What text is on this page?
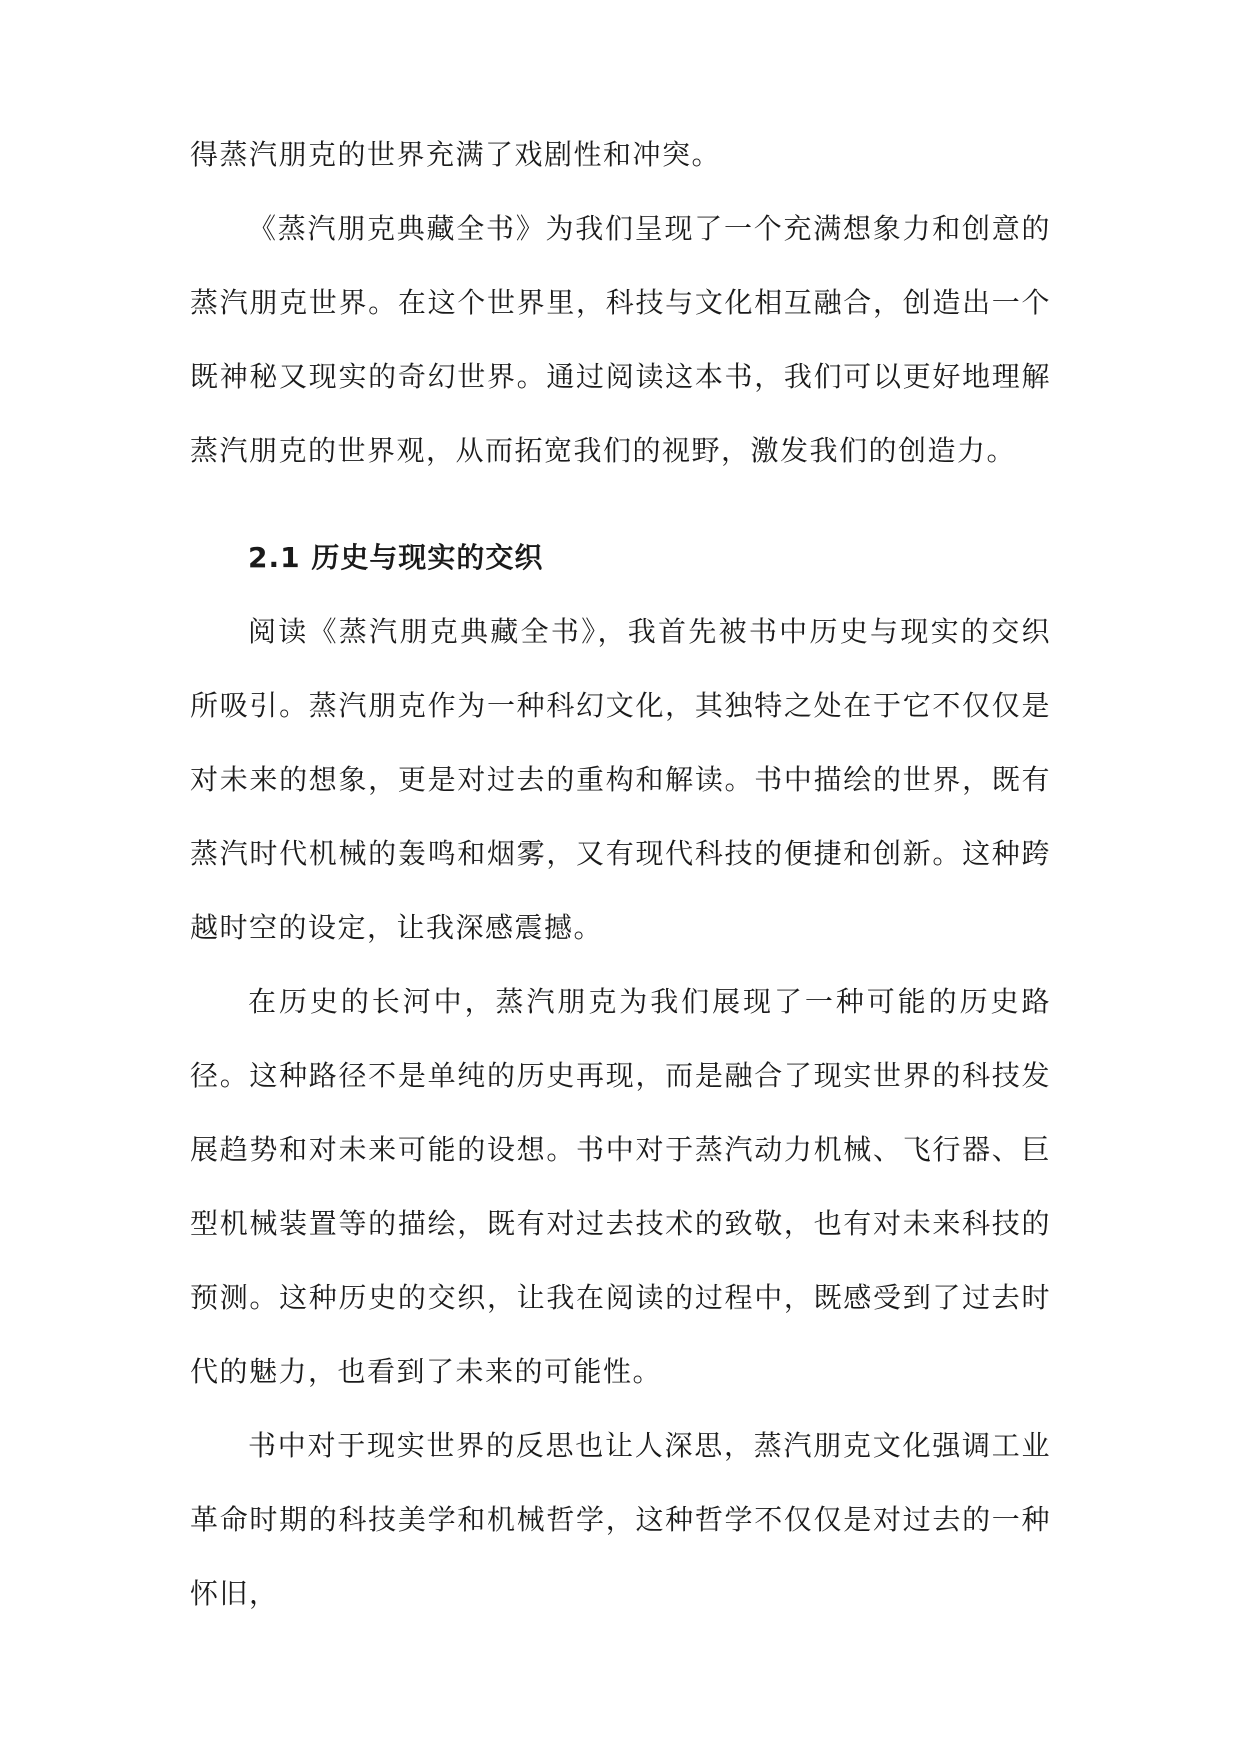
得蒸汽朋克的世界充满了戏剧性和冲突。

《蒸汽朋克典藏全书》为我们呈现了一个充满想象力和创意的蒸汽朋克世界。在这个世界里，科技与文化相互融合，创造出一个既神秘又现实的奇幻世界。通过阅读这本书，我们可以更好地理解蒸汽朋克的世界观，从而拓宽我们的视野，激发我们的创造力。

2.1 历史与现实的交织

阅读《蒸汽朋克典藏全书》，我首先被书中历史与现实的交织所吸引。蒸汽朋克作为一种科幻文化，其独特之处在于它不仅仅是对未来的想象，更是对过去的重构和解读。书中描绘的世界，既有蒸汽时代机械的轰鸣和烟雾，又有现代科技的便捷和创新。这种跨越时空的设定，让我深感震撼。

在历史的长河中，蒸汽朋克为我们展现了一种可能的历史路径。这种路径不是单纯的历史再现，而是融合了现实世界的科技发展趋势和对未来可能的设想。书中对于蒸汽动力机械、飞行器、巨型机械装置等的描绘，既有对过去技术的致敬，也有对未来科技的预测。这种历史的交织，让我在阅读的过程中，既感受到了过去时代的魅力，也看到了未来的可能性。

书中对于现实世界的反思也让人深思，蒸汽朋克文化强调工业革命时期的科技美学和机械哲学，这种哲学不仅仅是对过去的一种怀旧，
